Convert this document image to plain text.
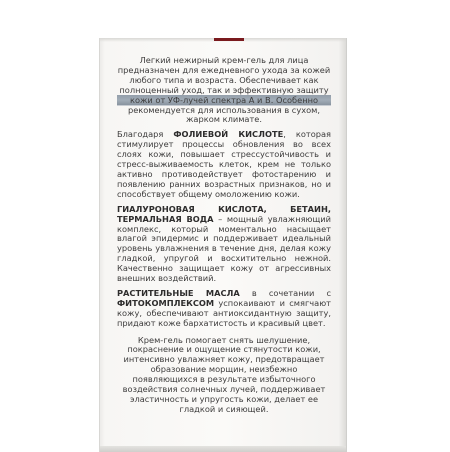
Легкий нежирный крем-гель для лица предназначен для ежедневного ухода за кожей любого типа и возраста. Обеспечивает как полноценный уход, так и эффективную защиту кожи от УФ-лучей спектра А и В. Особенно рекомендуется для использования в сухом, жарком климате.

Благодаря ФОЛИЕВОЙ КИСЛОТЕ, которая стимулирует процессы обновления во всех слоях кожи, повышает стрессустойчивость и стресс-выживаемость клеток, крем не только активно противодействует фотостарению и появлению ранних возрастных признаков, но и способствует общему омоложению кожи.

ГИАЛУРОНОВАЯ КИСЛОТА, БЕТАИН, ТЕРМАЛЬНАЯ ВОДА – мощный увлажняющий комплекс, который моментально насыщает влагой эпидермис и поддерживает идеальный уровень увлажнения в течение дня, делая кожу гладкой, упругой и восхитительно нежной. Качественно защищает кожу от агрессивных внешних воздействий.

РАСТИТЕЛЬНЫЕ МАСЛА в сочетании с ФИТОКОМПЛЕКСОМ успокаивают и смягчают кожу, обеспечивают антиоксидантную защиту, придают коже бархатистость и красивый цвет.

Крем-гель помогает снять шелушение, покраснение и ощущение стянутости кожи, интенсивно увлажняет кожу, предотвращает образование морщин, неизбежно появляющихся в результате избыточного воздействия солнечных лучей, поддерживает эластичность и упругость кожи, делает ее гладкой и сияющей.
